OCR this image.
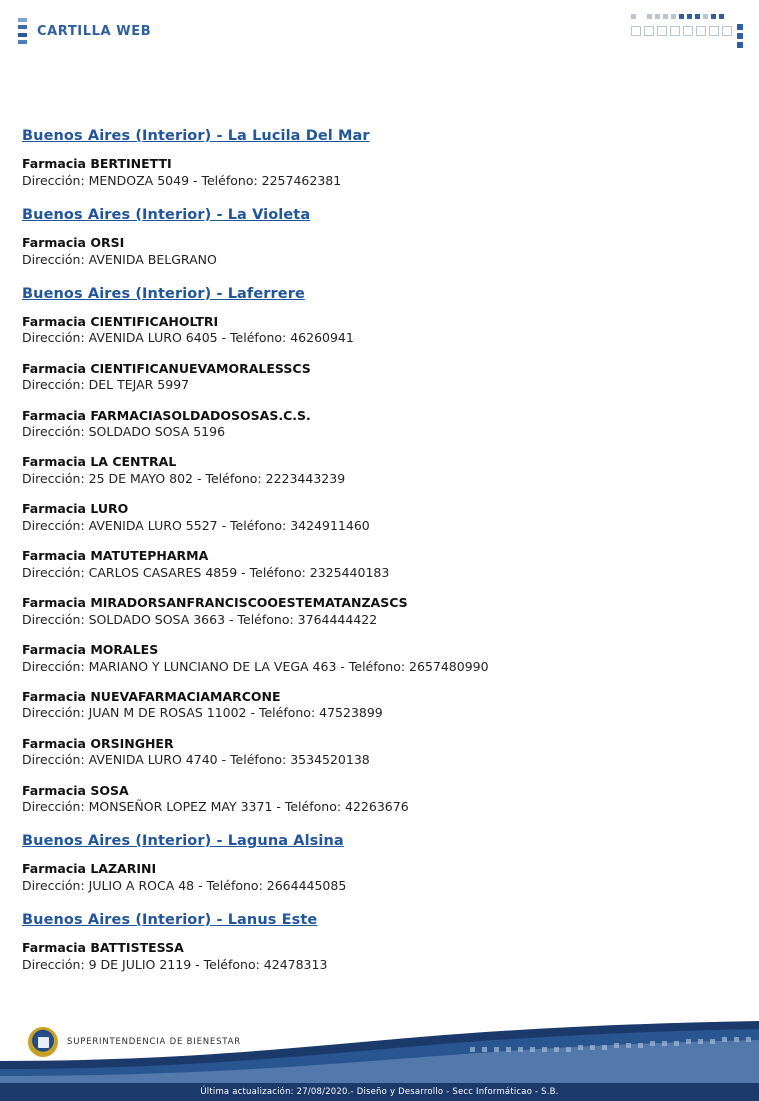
CARTILLA WEB
Buenos Aires (Interior) - La Lucila Del Mar
Farmacia BERTINETTI
Dirección: MENDOZA 5049 - Teléfono: 2257462381
Buenos Aires (Interior) - La Violeta
Farmacia ORSI
Dirección: AVENIDA BELGRANO
Buenos Aires (Interior) - Laferrere
Farmacia CIENTIFICAHOLTRI
Dirección: AVENIDA LURO 6405 - Teléfono: 46260941
Farmacia CIENTIFICANUEVAMORALESSCS
Dirección: DEL TEJAR 5997
Farmacia FARMACIASOLDADOSOSAS.C.S.
Dirección: SOLDADO SOSA 5196
Farmacia LA CENTRAL
Dirección: 25 DE MAYO 802 - Teléfono: 2223443239
Farmacia LURO
Dirección: AVENIDA LURO 5527 - Teléfono: 3424911460
Farmacia MATUTEPHARMA
Dirección: CARLOS CASARES 4859 - Teléfono: 2325440183
Farmacia MIRADORSANFRANCISCOOESTEMATANZASCS
Dirección: SOLDADO SOSA 3663 - Teléfono: 3764444422
Farmacia MORALES
Dirección: MARIANO Y LUNCIANO DE LA VEGA 463 - Teléfono: 2657480990
Farmacia NUEVAFARMACIAMARCONE
Dirección: JUAN M DE ROSAS 11002 - Teléfono: 47523899
Farmacia ORSINGHER
Dirección: AVENIDA LURO 4740 - Teléfono: 3534520138
Farmacia SOSA
Dirección: MONSEÑOR LOPEZ MAY 3371 - Teléfono: 42263676
Buenos Aires (Interior) - Laguna Alsina
Farmacia LAZARINI
Dirección: JULIO A ROCA 48 - Teléfono: 2664445085
Buenos Aires (Interior) - Lanus Este
Farmacia BATTISTESSA
Dirección: 9 DE JULIO 2119 - Teléfono: 42478313
SUPERINTENDENCIA DE BIENESTAR
Última actualización: 27/08/2020.- Diseño y Desarrollo - Secc Informáticao - S.B.
